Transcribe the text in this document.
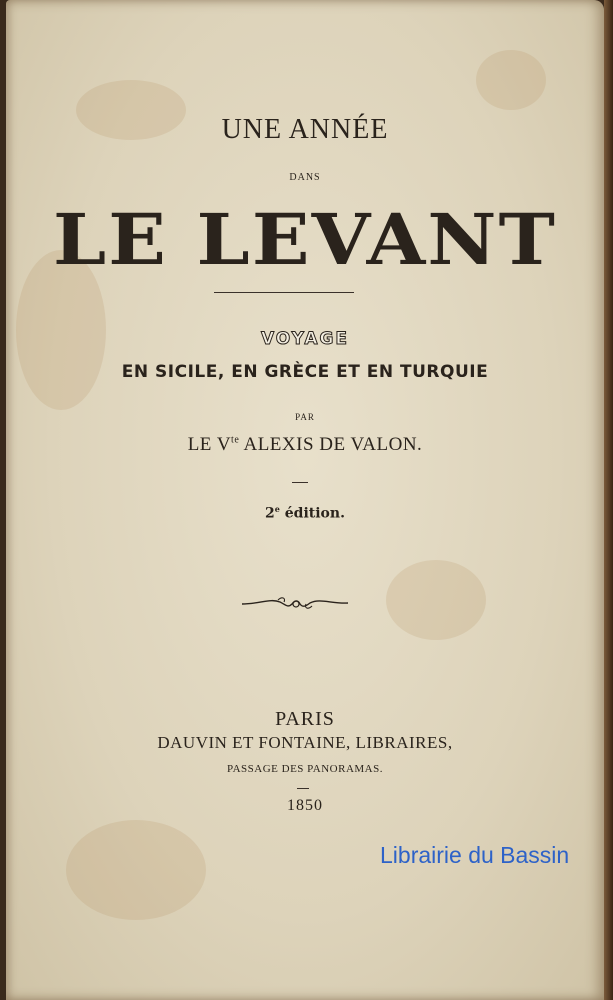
UNE ANNÉE
DANS
LE LEVANT
VOYAGE
EN SICILE, EN GRÈCE ET EN TURQUIE
PAR
LE $V^{te}$ ALEXIS DE VALON.
2e édition.
PARIS
DAUVIN ET FONTAINE, LIBRAIRES,
PASSAGE DES PANORAMAS.
1850
Librairie du Bassin
